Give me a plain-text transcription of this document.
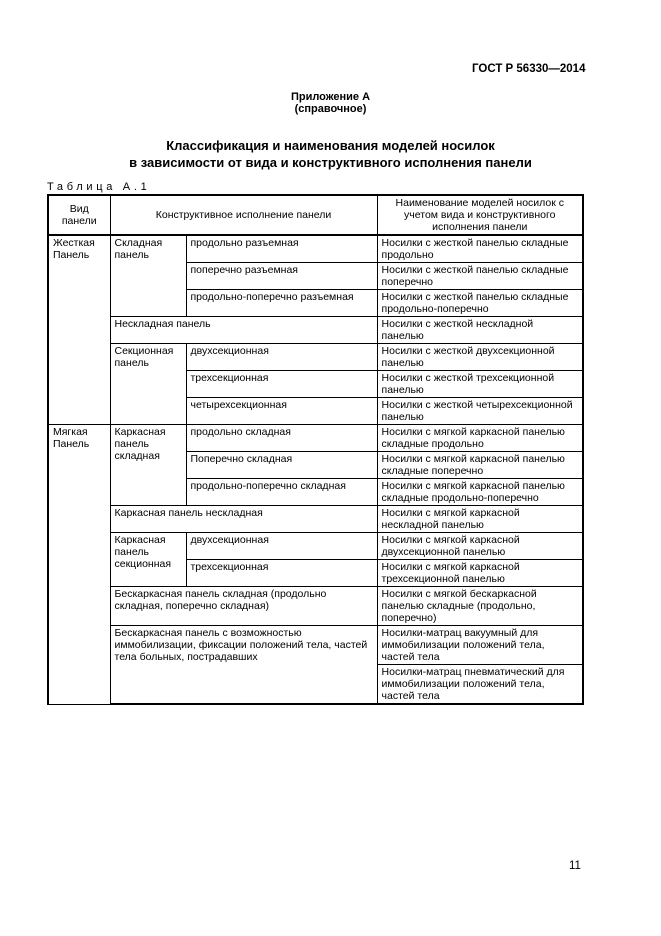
ГОСТ Р 56330—2014
Приложение А
(справочное)
Классификация и наименования моделей носилок
в зависимости от вида и конструктивного исполнения панели
Таблица А.1
Вид панели	Конструктивное исполнение панели		Наименование моделей носилок с учетом вида и конструктивного исполнения панели
Жесткая Панель	Складная панель	продольно разъемная	Носилки с жесткой панелью складные продольно
		поперечно разъемная	Носилки с жесткой панелью складные поперечно
		продольно-поперечно разъемная	Носилки с жесткой панелью складные продольно-поперечно
	Нескладная панель		Носилки с жесткой нескладной панелью
	Секционная панель	двухсекционная	Носилки с жесткой двухсекционной панелью
		трехсекционная	Носилки с жесткой трехсекционной панелью
		четырехсекционная	Носилки с жесткой четырехсекционной панелью
Мягкая Панель	Каркасная панель складная	продольно складная	Носилки с мягкой каркасной панелью складные продольно
		Поперечно складная	Носилки с мягкой каркасной панелью складные поперечно
		продольно-поперечно складная	Носилки с мягкой каркасной панелью складные продольно-поперечно
	Каркасная панель нескладная		Носилки с мягкой каркасной нескладной панелью
	Каркасная панель секционная	двухсекционная	Носилки с мягкой каркасной двухсекционной панелью
		трехсекционная	Носилки с мягкой каркасной трехсекционной панелью
	Бескаркасная панель складная (продольно складная, поперечно складная)		Носилки с мягкой бескаркасной панелью складные (продольно, поперечно)
	Бескаркасная панель с возможностью иммобилизации, фиксации положений тела, частей тела больных, пострадавших		Носилки-матрац вакуумный для иммобилизации положений тела, частей тела
			Носилки-матрац пневматический для иммобилизации положений тела, частей тела
11
